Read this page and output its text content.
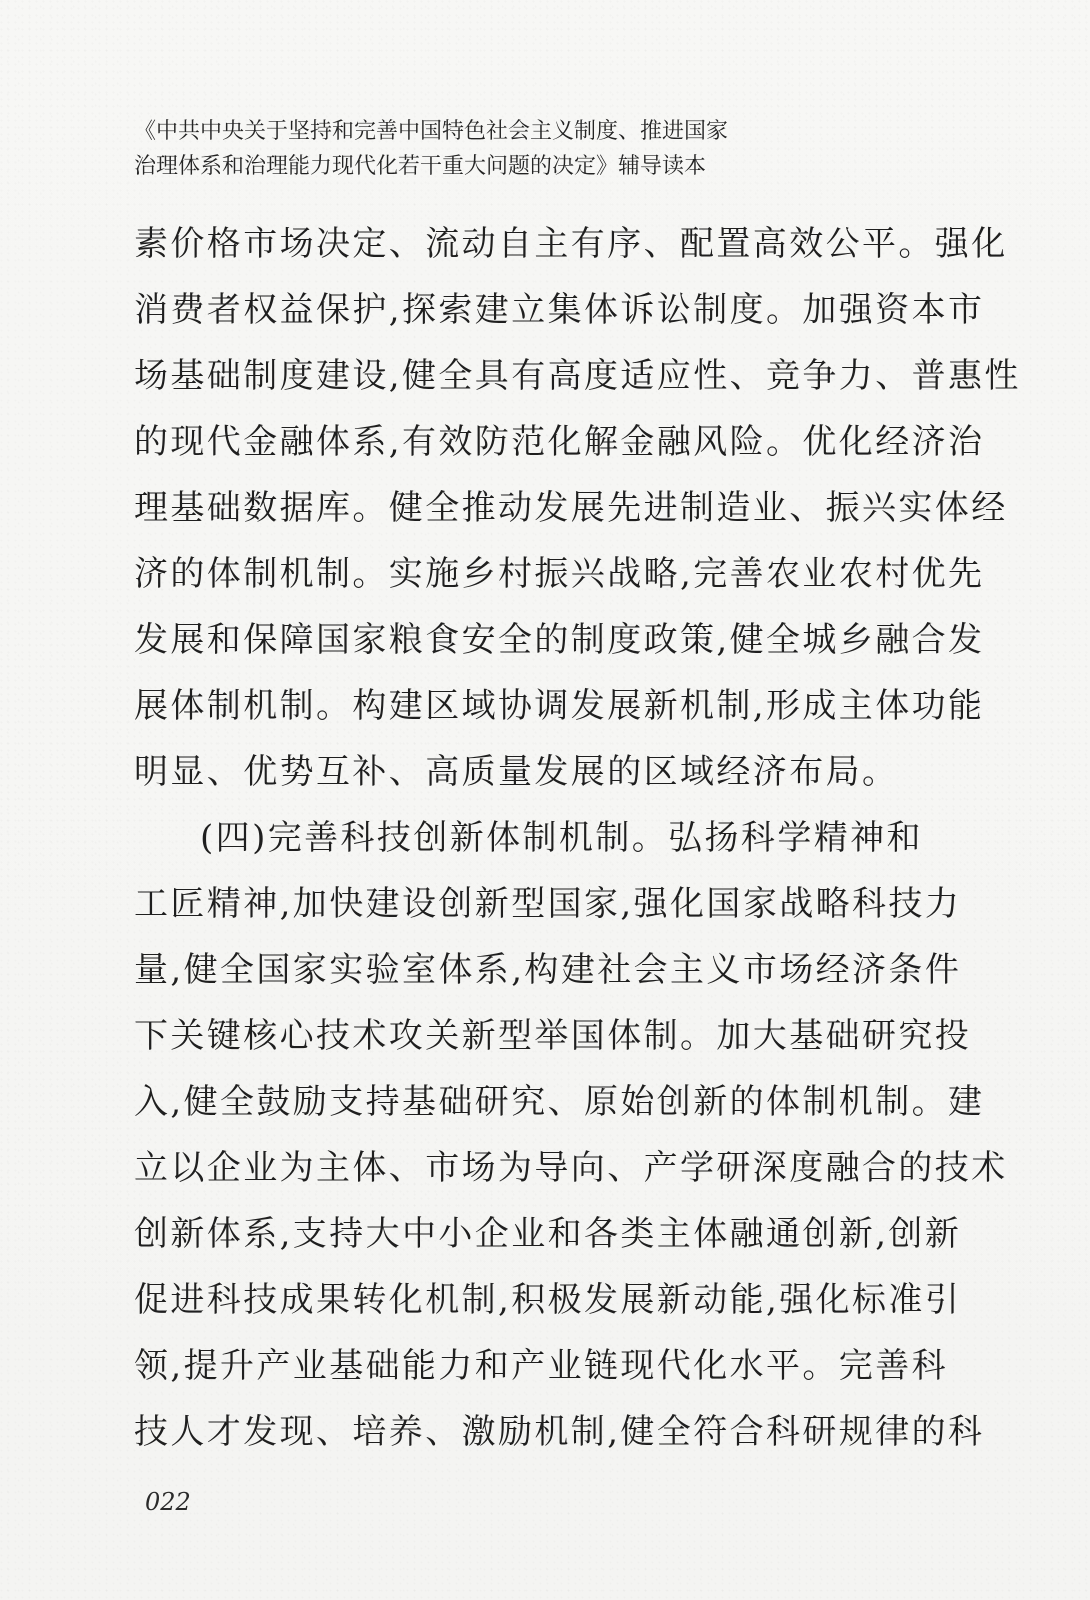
《中共中央关于坚持和完善中国特色社会主义制度、推进国家
治理体系和治理能力现代化若干重大问题的决定》辅导读本
素价格市场决定、流动自主有序、配置高效公平。强化
消费者权益保护,探索建立集体诉讼制度。加强资本市
场基础制度建设,健全具有高度适应性、竞争力、普惠性
的现代金融体系,有效防范化解金融风险。优化经济治
理基础数据库。健全推动发展先进制造业、振兴实体经
济的体制机制。实施乡村振兴战略,完善农业农村优先
发展和保障国家粮食安全的制度政策,健全城乡融合发
展体制机制。构建区域协调发展新机制,形成主体功能
明显、优势互补、高质量发展的区域经济布局。
(四)完善科技创新体制机制。弘扬科学精神和
工匠精神,加快建设创新型国家,强化国家战略科技力
量,健全国家实验室体系,构建社会主义市场经济条件
下关键核心技术攻关新型举国体制。加大基础研究投
入,健全鼓励支持基础研究、原始创新的体制机制。建
立以企业为主体、市场为导向、产学研深度融合的技术
创新体系,支持大中小企业和各类主体融通创新,创新
促进科技成果转化机制,积极发展新动能,强化标准引
领,提升产业基础能力和产业链现代化水平。完善科
技人才发现、培养、激励机制,健全符合科研规律的科
022
